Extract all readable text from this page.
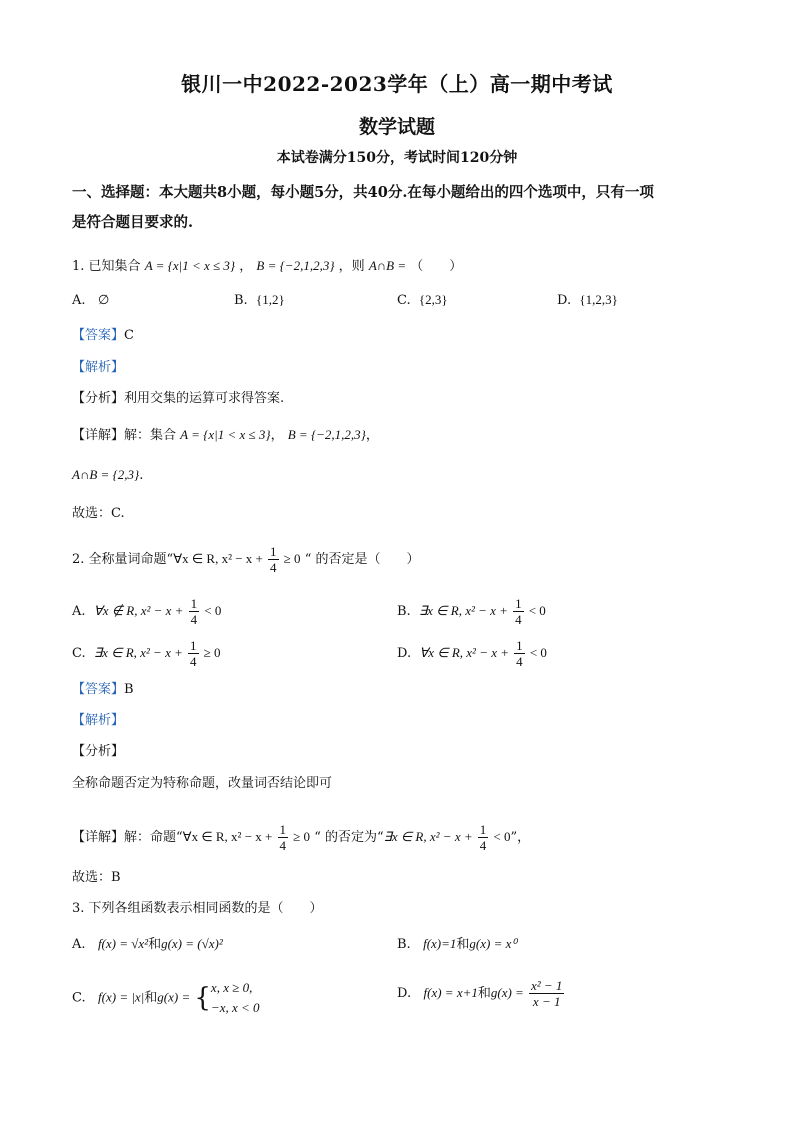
银川一中2022-2023学年（上）高一期中考试
数学试题
本试卷满分150分，考试时间120分钟
一、选择题：本大题共8小题，每小题5分，共40分.在每小题给出的四个选项中，只有一项
是符合题目要求的.
1. 已知集合 A = {x|1 < x ≤ 3} ， B = {−2,1,2,3} ，则 A∩B = （　　）
A. ∅	B. {1,2}	C. {2,3}	D. {1,2,3}
【答案】C
【解析】
【分析】利用交集的运算可求得答案.
【详解】解：集合 A = {x|1 < x ≤ 3}， B = {−2,1,2,3}，
A∩B = {2,3}.
故选：C.
2. 全称量词命题“∀x ∈ R, $x^2 - x + \frac{1}{4} \ge 0$ “ 的否定是（　　）
A. ∀x ∉ R, $x^2 - x + \frac{1}{4} < 0$	B. ∃x ∈ R, $x^2 - x + \frac{1}{4} < 0$
C. ∃x ∈ R, $x^2 - x + \frac{1}{4} \ge 0$	D. ∀x ∈ R, $x^2 - x + \frac{1}{4} < 0$
【答案】B
【解析】
【分析】
全称命题否定为特称命题，改量词否结论即可
【详解】解：命题“∀x ∈ R, $x^2 - x + \frac{1}{4} \ge 0$ “ 的否定为“∃x ∈ R, $x^2 - x + \frac{1}{4} < 0$”，
故选：B
3. 下列各组函数表示相同函数的是（　　）
A. f(x) = √x²和g(x) = (√x)²	B. f(x)=1和g(x) = x⁰
C. f(x) = |x|和g(x) = { x, x ≥ 0,
−x, x < 0
D. f(x) = x+1和$g(x) = \frac{\text{x² − 1}}{x - 1}$
